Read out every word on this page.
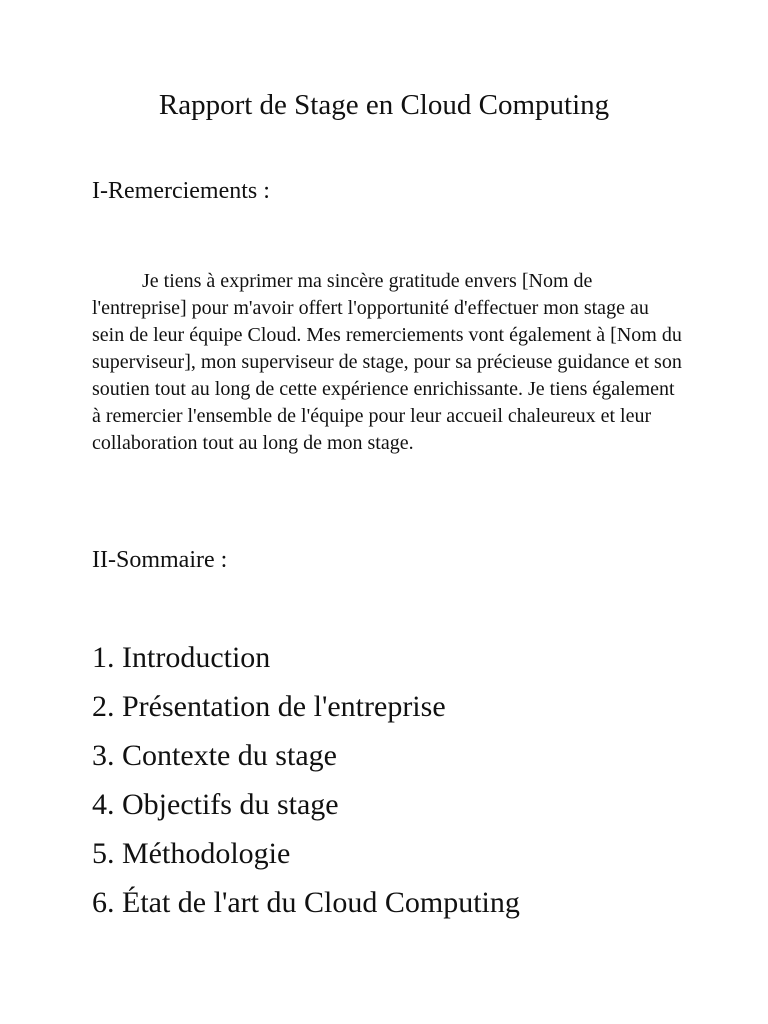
Rapport de Stage en Cloud Computing
I-Remerciements :

Je tiens à exprimer ma sincère gratitude envers [Nom de l'entreprise] pour m'avoir offert l'opportunité d'effectuer mon stage au sein de leur équipe Cloud. Mes remerciements vont également à [Nom du superviseur], mon superviseur de stage, pour sa précieuse guidance et son soutien tout au long de cette expérience enrichissante. Je tiens également à remercier l'ensemble de l'équipe pour leur accueil chaleureux et leur collaboration tout au long de mon stage.

II-Sommaire :
1. Introduction
2. Présentation de l'entreprise
3. Contexte du stage
4. Objectifs du stage
5. Méthodologie
6. État de l'art du Cloud Computing
